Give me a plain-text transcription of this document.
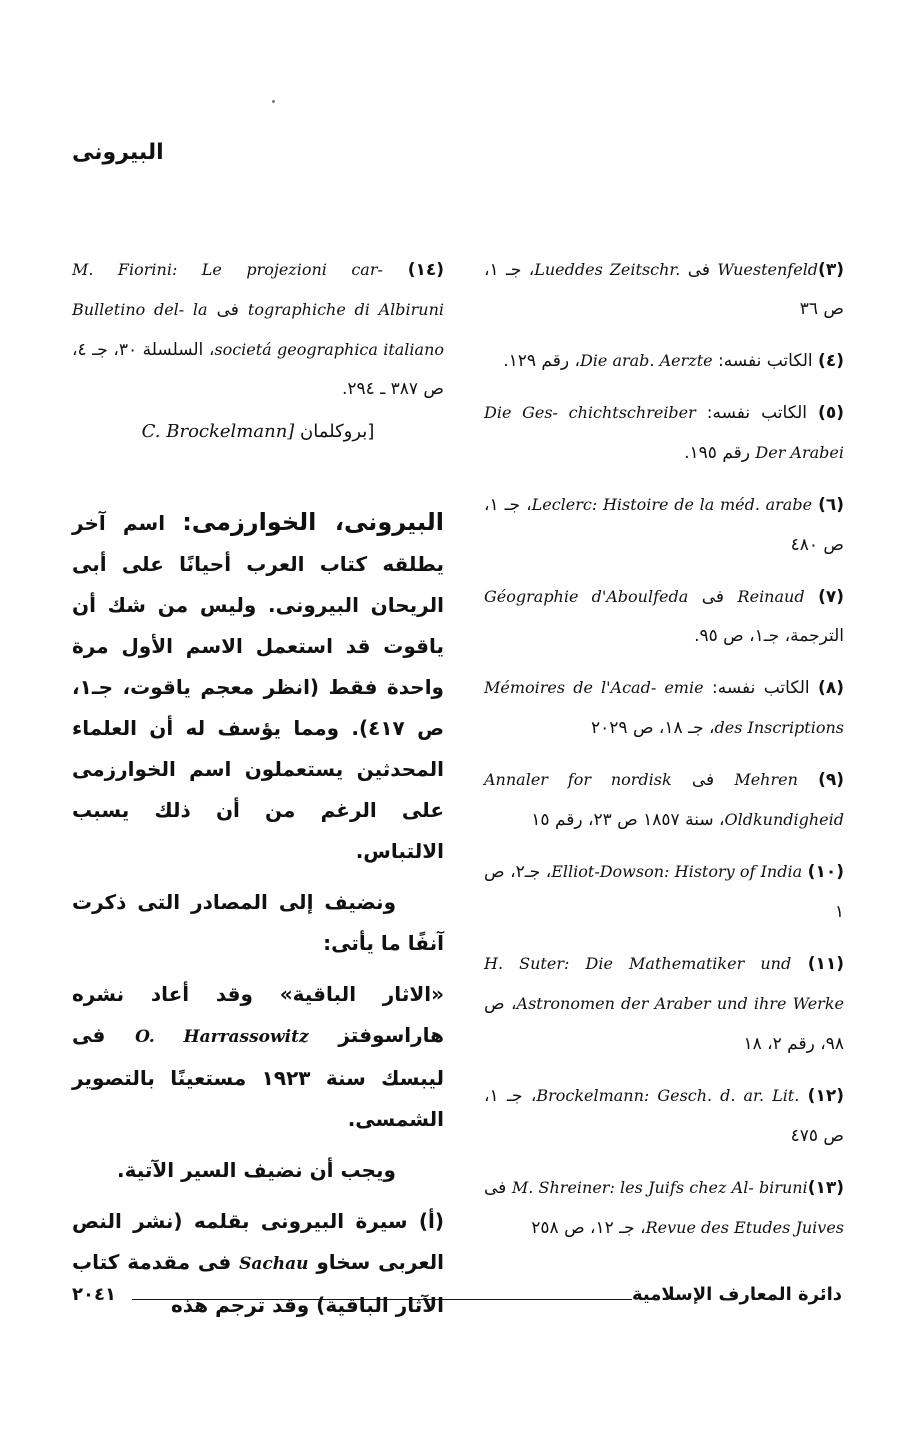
البيرونى

(٣)Wuestenfeld فى Lueddes Zeitschr.، جـ ١، ص ٣٦

(٤) الكاتب نفسه: Die arab. Aerzte، رقم ١٢٩.

(٥) الكاتب نفسه: Die Ges- chichtschreiber Der Arabei رقم ١٩٥.

(٦) Leclerc: Histoire de la méd. arabe، جـ ١، ص ٤٨٠

(٧) Reinaud فى Géographie d'Aboulfeda الترجمة، جـ١، ص ٩٥.

(٨) الكاتب نفسه: Mémoires de l'Acad- emie des Inscriptions، جـ ١٨، ص ٢٠٢٩

(٩) Mehren فى Annaler for nordisk Oldkundigheid، سنة ١٨٥٧ ص ٢٣، رقم ١٥

(١٠) Elliot-Dowson: History of India، جـ٢، ص ١

(١١) H. Suter: Die Mathematiker und Astronomen der Araber und ihre Werke، ص ٩٨، رقم ٢، ١٨

(١٢) Brockelmann: Gesch. d. ar. Lit.، جـ ١، ص ٤٧٥

(١٣)M. Shreiner: les Juifs chez Al- biruni فى Revue des Etudes Juives، جـ ١٢، ص ٢٥٨

(١٤) M. Fiorini: Le projezioni car- tographiche di Albiruni فى Bulletino del- la societá geographica italiano، السلسلة ٣٠، جـ ٤، ص ٣٨٧ ـ ٢٩٤.

[بروكلمان C. Brockelmann]

البيرونى، الخوارزمى: اسم آخر يطلقه كتاب العرب أحيانًا على أبى الريحان البيرونى. وليس من شك أن ياقوت قد استعمل الاسم الأول مرة واحدة فقط (انظر معجم ياقوت، جـ١، ص ٤١٧). ومما يؤسف له أن العلماء المحدثين يستعملون اسم الخوارزمى على الرغم من أن ذلك يسبب الالتباس.

ونضيف إلى المصادر التى ذكرت آنفًا ما يأتى:

«الاثار الباقية» وقد أعاد نشره هاراسوفتز O. Harrassowitz فى ليبسك سنة ١٩٢٣ مستعينًا بالتصوير الشمسى.

ويجب أن نضيف السير الآتية.

(أ) سيرة البيرونى بقلمه (نشر النص العربى سخاو Sachau فى مقدمة كتاب الآثار الباقية) وقد ترجم هذه

٢٠٤١	دائرة المعارف الإسلامية
